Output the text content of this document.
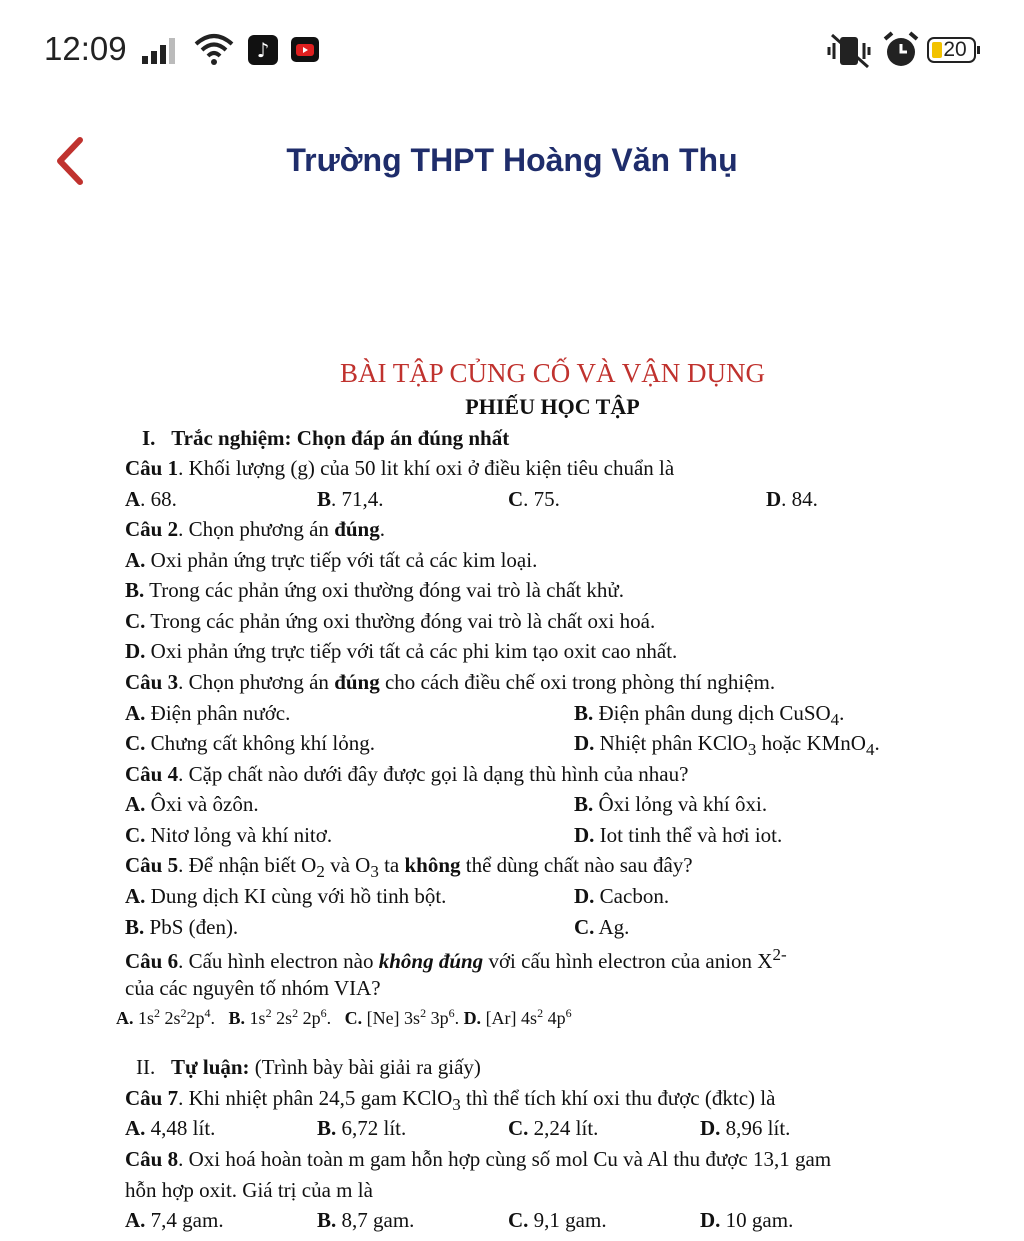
12:09	♪	20
Trường THPT Hoàng Văn Thụ
BÀI TẬP CỦNG CỐ VÀ VẬN DỤNG
PHIẾU HỌC TẬP
I. Trắc nghiệm: Chọn đáp án đúng nhất
Câu 1. Khối lượng (g) của 50 lit khí oxi ở điều kiện tiêu chuẩn là
A. 68.	B. 71,4.	C. 75.	D. 84.
Câu 2. Chọn phương án đúng.
A. Oxi phản ứng trực tiếp với tất cả các kim loại.
B. Trong các phản ứng oxi thường đóng vai trò là chất khử.
C. Trong các phản ứng oxi thường đóng vai trò là chất oxi hoá.
D. Oxi phản ứng trực tiếp với tất cả các phi kim tạo oxit cao nhất.
Câu 3. Chọn phương án đúng cho cách điều chế oxi trong phòng thí nghiệm.
A. Điện phân nước.	B. Điện phân dung dịch CuSO$_4$.
C. Chưng cất không khí lỏng.	D. Nhiệt phân KClO$_3$ hoặc KMnO$_4$.
Câu 4. Cặp chất nào dưới đây được gọi là dạng thù hình của nhau?
A. Ôxi và ôzôn.	B. Ôxi lỏng và khí ôxi.
C. Nitơ lỏng và khí nitơ.	D. Iot tinh thể và hơi iot.
Câu 5. Để nhận biết $O_2$ và $O_3$ ta không thể dùng chất nào sau đây?
A. Dung dịch KI cùng với hồ tinh bột.	D. Cacbon.
B. PbS (đen).	C. Ag.
Câu 6. Cấu hình electron nào không đúng với cấu hình electron của anion $X^{2-}$
của các nguyên tố nhóm VIA?
A. $1s^2$ $2s^22p^4$. B. $1s^2$ $2s^2$ $2p^6$. C. [Ne] $3s^2$ $3p^6$. D. [Ar] $4s^2$ $4p^6$
II. Tự luận: (Trình bày bài giải ra giấy)
Câu 7. Khi nhiệt phân 24,5 gam KClO$_3$ thì thể tích khí oxi thu được (đktc) là
A. 4,48 lít.	B. 6,72 lít.	C. 2,24 lít.	D. 8,96 lít.
Câu 8. Oxi hoá hoàn toàn m gam hỗn hợp cùng số mol Cu và Al thu được 13,1 gam
hỗn hợp oxit. Giá trị của m là
A. 7,4 gam.	B. 8,7 gam.	C. 9,1 gam.	D. 10 gam.
